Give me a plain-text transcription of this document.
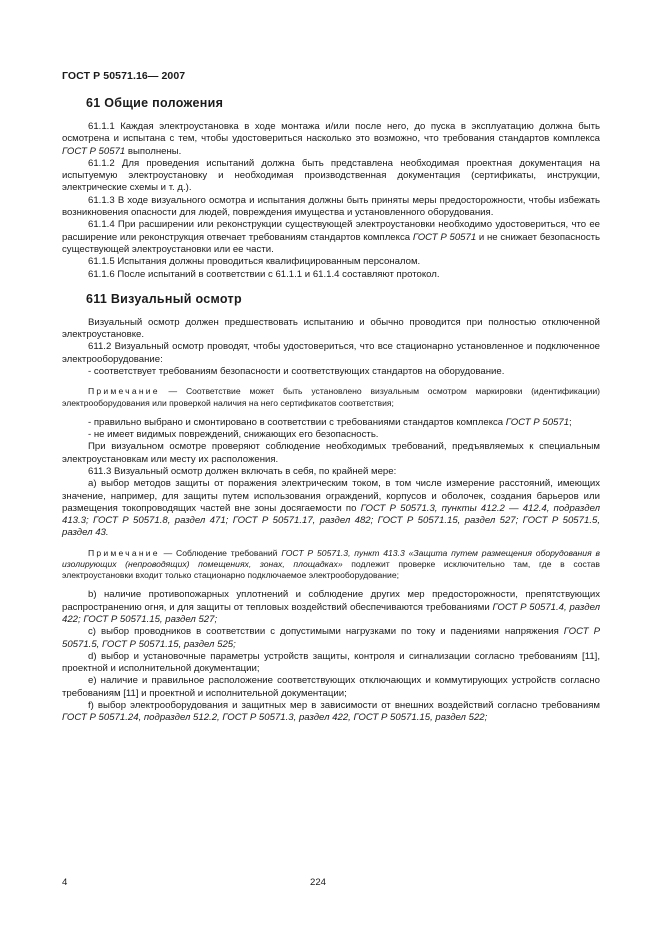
ГОСТ Р 50571.16— 2007
61 Общие положения

61.1.1 Каждая электроустановка в ходе монтажа и/или после него, до пуска в эксплуатацию должна быть осмотрена и испытана с тем, чтобы удостовериться насколько это возможно, что требования стандартов комплекса ГОСТ Р 50571 выполнены.

61.1.2 Для проведения испытаний должна быть представлена необходимая проектная документация на испытуемую электроустановку и необходимая производственная документация (сертификаты, инструкции, электрические схемы и т. д.).

61.1.3 В ходе визуального осмотра и испытания должны быть приняты меры предосторожности, чтобы избежать возникновения опасности для людей, повреждения имущества и установленного оборудования.

61.1.4 При расширении или реконструкции существующей электроустановки необходимо удостовериться, что ее расширение или реконструкция отвечает требованиям стандартов комплекса ГОСТ Р 50571 и не снижает безопасность существующей электроустановки или ее части.

61.1.5 Испытания должны проводиться квалифицированным персоналом.

61.1.6 После испытаний в соответствии с 61.1.1 и 61.1.4 составляют протокол.

611 Визуальный осмотр

Визуальный осмотр должен предшествовать испытанию и обычно проводится при полностью отключенной электроустановке.

611.2 Визуальный осмотр проводят, чтобы удостовериться, что все стационарно установленное и подключенное электрооборудование:

- соответствует требованиям безопасности и соответствующих стандартов на оборудование.

Примечание — Соответствие может быть установлено визуальным осмотром маркировки (идентификации) электрооборудования или проверкой наличия на него сертификатов соответствия;

- правильно выбрано и смонтировано в соответствии с требованиями стандартов комплекса ГОСТ Р 50571;

- не имеет видимых повреждений, снижающих его безопасность.

При визуальном осмотре проверяют соблюдение необходимых требований, предъявляемых к специальным электроустановкам или месту их расположения.

611.3 Визуальный осмотр должен включать в себя, по крайней мере:

а) выбор методов защиты от поражения электрическим током, в том числе измерение расстояний, имеющих значение, например, для защиты путем использования ограждений, корпусов и оболочек, создания барьеров или размещения токопроводящих частей вне зоны досягаемости по ГОСТ Р 50571.3, пункты 412.2 — 412.4, подраздел 413.3; ГОСТ Р 50571.8, раздел 471; ГОСТ Р 50571.17, раздел 482; ГОСТ Р 50571.15, раздел 527; ГОСТ Р 50571.5, раздел 43.

Примечание — Соблюдение требований ГОСТ Р 50571.3, пункт 413.3 «Защита путем размещения оборудования в изолирующих (непроводящих) помещениях, зонах, площадках» подлежит проверке исключительно там, где в состав электроустановки входит только стационарно подключаемое электрооборудование;

b) наличие противопожарных уплотнений и соблюдение других мер предосторожности, препятствующих распространению огня, и для защиты от тепловых воздействий обеспечиваются требованиями ГОСТ Р 50571.4, раздел 422; ГОСТ Р 50571.15, раздел 527;

c) выбор проводников в соответствии с допустимыми нагрузками по току и падениями напряжения ГОСТ Р 50571.5, ГОСТ Р 50571.15, раздел 525;

d) выбор и установочные параметры устройств защиты, контроля и сигнализации согласно требованиям [11], проектной и исполнительной документации;

e) наличие и правильное расположение соответствующих отключающих и коммутирующих устройств согласно требованиям [11] и проектной и исполнительной документации;

f) выбор электрооборудования и защитных мер в зависимости от внешних воздействий согласно требованиям ГОСТ Р 50571.24, подраздел 512.2, ГОСТ Р 50571.3, раздел 422, ГОСТ Р 50571.15, раздел 522;

4	224
